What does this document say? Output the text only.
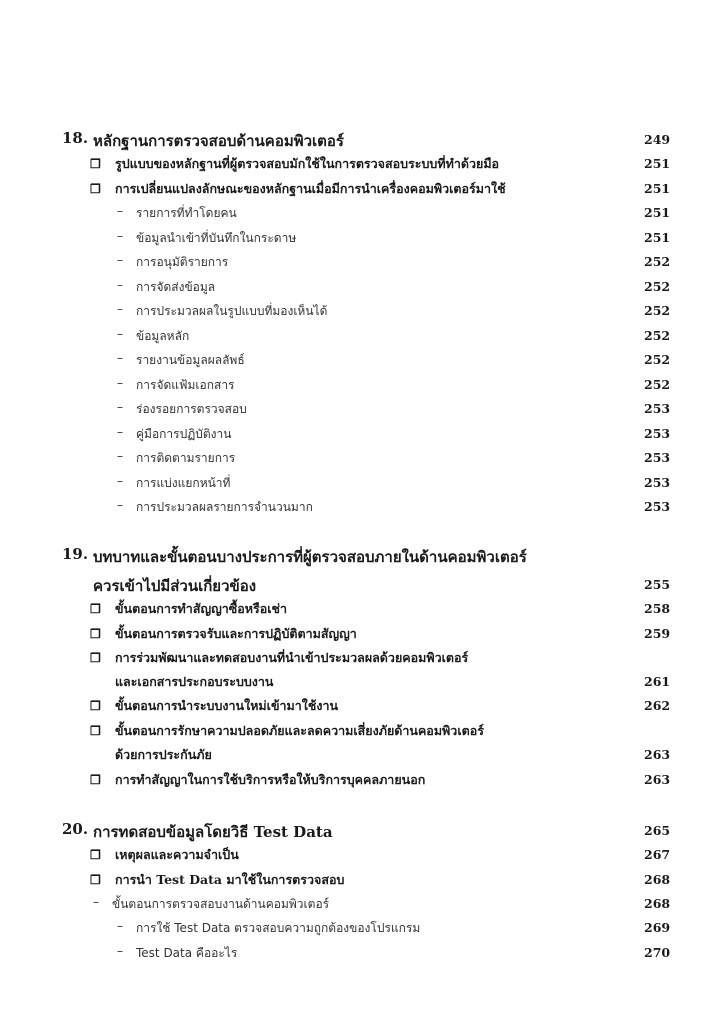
18. หลักฐานการตรวจสอบด้านคอมพิวเตอร์	249
❒ รูปแบบของหลักฐานที่ผู้ตรวจสอบมักใช้ในการตรวจสอบระบบที่ทำด้วยมือ	251
❒ การเปลี่ยนแปลงลักษณะของหลักฐานเมื่อมีการนำเครื่องคอมพิวเตอร์มาใช้	251
– รายการที่ทำโดยคน	251
– ข้อมูลนำเข้าที่บันทึกในกระดาษ	251
– การอนุมัติรายการ	252
– การจัดส่งข้อมูล	252
– การประมวลผลในรูปแบบที่มองเห็นได้	252
– ข้อมูลหลัก	252
– รายงานข้อมูลผลลัพธ์	252
– การจัดแฟ้มเอกสาร	252
– ร่องรอยการตรวจสอบ	253
– คู่มือการปฏิบัติงาน	253
– การติดตามรายการ	253
– การแบ่งแยกหน้าที่	253
– การประมวลผลรายการจำนวนมาก	253
19. บทบาทและขั้นตอนบางประการที่ผู้ตรวจสอบภายในด้านคอมพิวเตอร์
ควรเข้าไปมีส่วนเกี่ยวข้อง	255
❒ ขั้นตอนการทำสัญญาซื้อหรือเช่า	258
❒ ขั้นตอนการตรวจรับและการปฏิบัติตามสัญญา	259
❒ การร่วมพัฒนาและทดสอบงานที่นำเข้าประมวลผลด้วยคอมพิวเตอร์
และเอกสารประกอบระบบงาน	261
❒ ขั้นตอนการนำระบบงานใหม่เข้ามาใช้งาน	262
❒ ขั้นตอนการรักษาความปลอดภัยและลดความเสี่ยงภัยด้านคอมพิวเตอร์
ด้วยการประกันภัย	263
❒ การทำสัญญาในการใช้บริการหรือให้บริการบุคคลภายนอก	263
20. การทดสอบข้อมูลโดยวิธี Test Data	265
❒ เหตุผลและความจำเป็น	267
❒ การนำ Test Data มาใช้ในการตรวจสอบ	268
– ขั้นตอนการตรวจสอบงานด้านคอมพิวเตอร์	268
– การใช้ Test Data ตรวจสอบความถูกต้องของโปรแกรม	269
– Test Data คืออะไร	270
